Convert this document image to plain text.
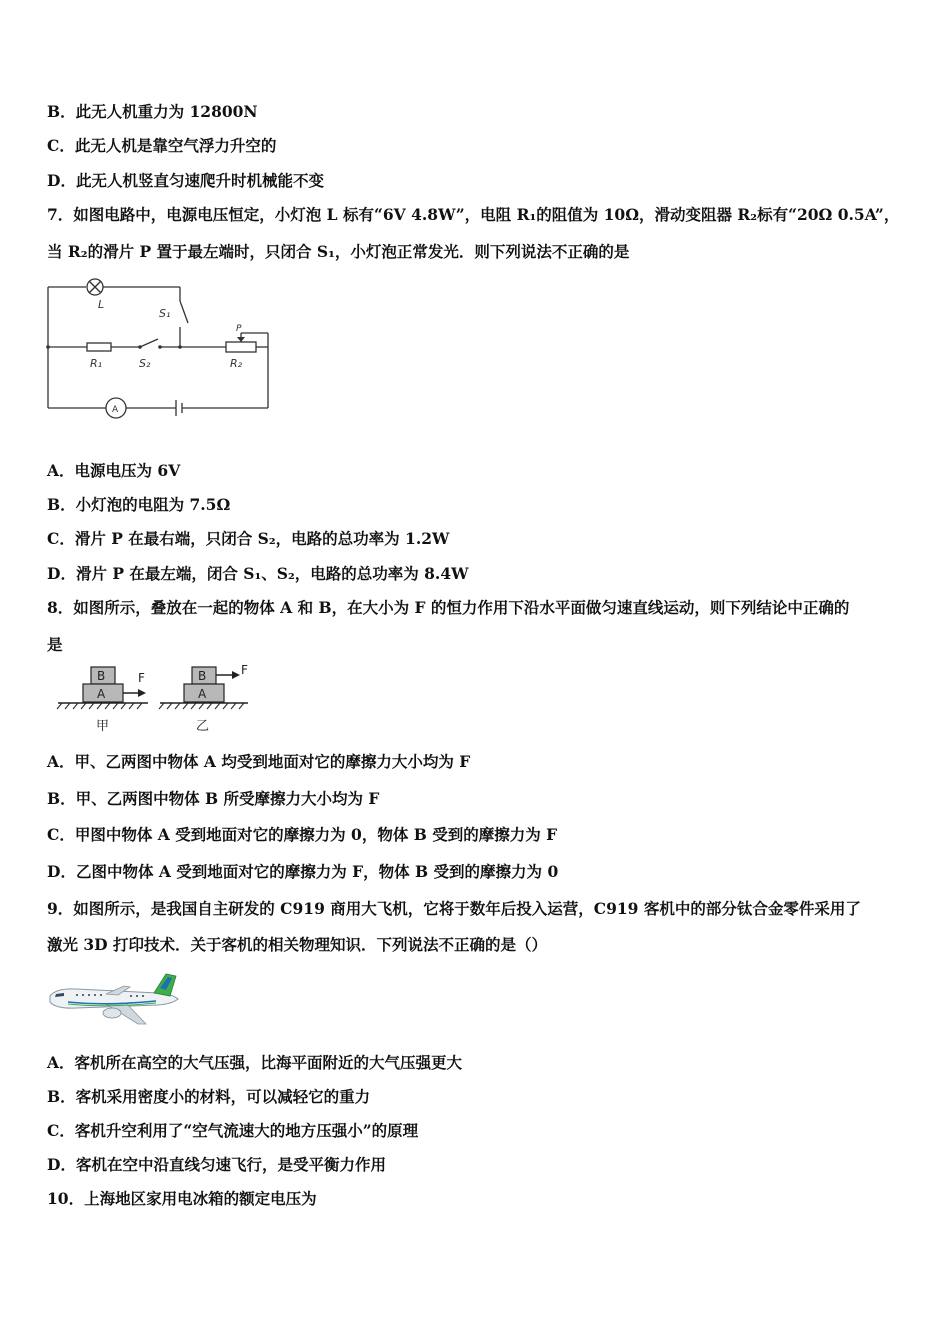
B．此无人机重力为 12800N
C．此无人机是靠空气浮力升空的
D．此无人机竖直匀速爬升时机械能不变
7．如图电路中，电源电压恒定，小灯泡 L 标有“6V 4.8W”，电阻 R₁的阻值为 10Ω，滑动变阻器 R₂标有“20Ω 0.5A”，
当 R₂的滑片 P 置于最左端时，只闭合 S₁，小灯泡正常发光．则下列说法不正确的是
L
S₁
R₁	S₂	R₂
P
A
A．电源电压为 6V
B．小灯泡的电阻为 7.5Ω
C．滑片 P 在最右端，只闭合 S₂，电路的总功率为 1.2W
D．滑片 P 在最左端，闭合 S₁、S₂，电路的总功率为 8.4W
8．如图所示，叠放在一起的物体 A 和 B，在大小为 F 的恒力作用下沿水平面做匀速直线运动，则下列结论中正确的
是
B
A
F
甲
B
A
F
乙
A．甲、乙两图中物体 A 均受到地面对它的摩擦力大小均为 F
B．甲、乙两图中物体 B 所受摩擦力大小均为 F
C．甲图中物体 A 受到地面对它的摩擦力为 0，物体 B 受到的摩擦力为 F
D．乙图中物体 A 受到地面对它的摩擦力为 F，物体 B 受到的摩擦力为 0
9．如图所示，是我国自主研发的 C919 商用大飞机，它将于数年后投入运营，C919 客机中的部分钛合金零件采用了
激光 3D 打印技术．关于客机的相关物理知识．下列说法不正确的是（）
A．客机所在高空的大气压强，比海平面附近的大气压强更大
B．客机采用密度小的材料，可以减轻它的重力
C．客机升空利用了“空气流速大的地方压强小”的原理
D．客机在空中沿直线匀速飞行，是受平衡力作用
10．上海地区家用电冰箱的额定电压为
